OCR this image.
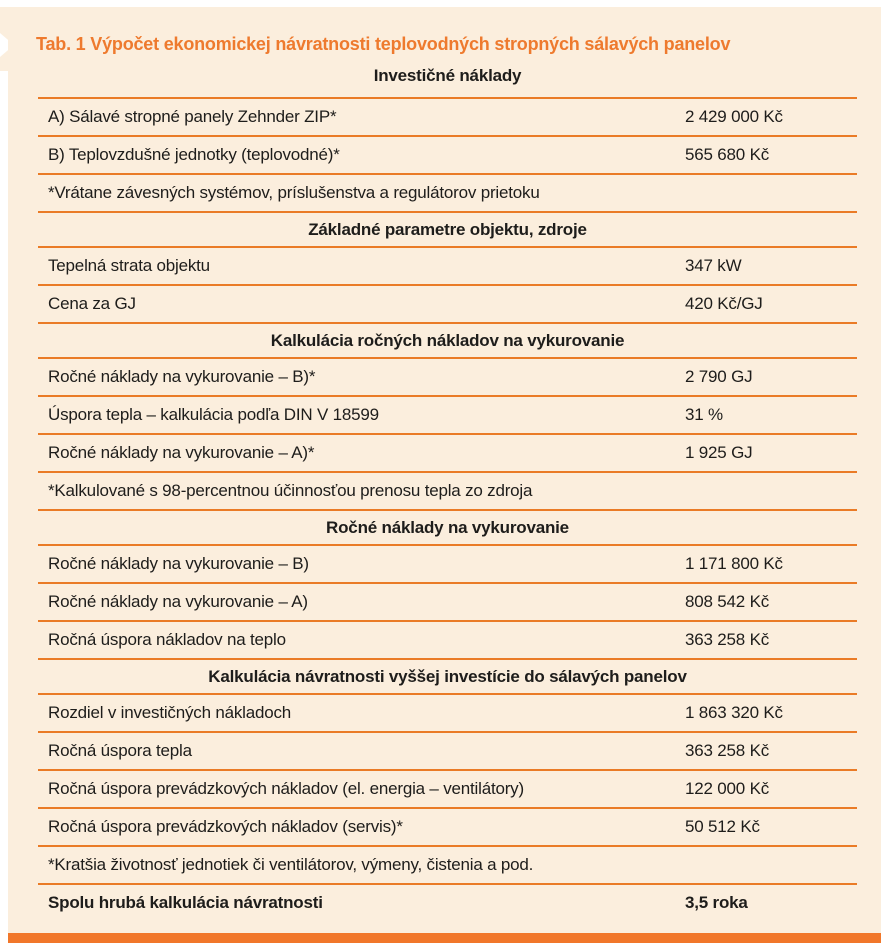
Tab. 1 Výpočet ekonomickej návratnosti teplovodných stropných sálavých panelov
Investičné náklady
A) Sálavé stropné panely Zehnder ZIP*	2 429 000 Kč
B) Teplovzdušné jednotky (teplovodné)*	565 680 Kč
*Vrátane závesných systémov, príslušenstva a regulátorov prietoku
Základné parametre objektu, zdroje
Tepelná strata objektu	347 kW
Cena za GJ	420 Kč/GJ
Kalkulácia ročných nákladov na vykurovanie
Ročné náklady na vykurovanie – B)*	2 790 GJ
Úspora tepla – kalkulácia podľa DIN V 18599	31 %
Ročné náklady na vykurovanie – A)*	1 925 GJ
*Kalkulované s 98-percentnou účinnosťou prenosu tepla zo zdroja
Ročné náklady na vykurovanie
Ročné náklady na vykurovanie – B)	1 171 800 Kč
Ročné náklady na vykurovanie – A)	808 542 Kč
Ročná úspora nákladov na teplo	363 258 Kč
Kalkulácia návratnosti vyššej investície do sálavých panelov
Rozdiel v investičných nákladoch	1 863 320 Kč
Ročná úspora tepla	363 258 Kč
Ročná úspora prevádzkových nákladov (el. energia – ventilátory)	122 000 Kč
Ročná úspora prevádzkových nákladov (servis)*	50 512 Kč
*Kratšia životnosť jednotiek či ventilátorov, výmeny, čistenia a pod.
Spolu hrubá kalkulácia návratnosti	3,5 roka
